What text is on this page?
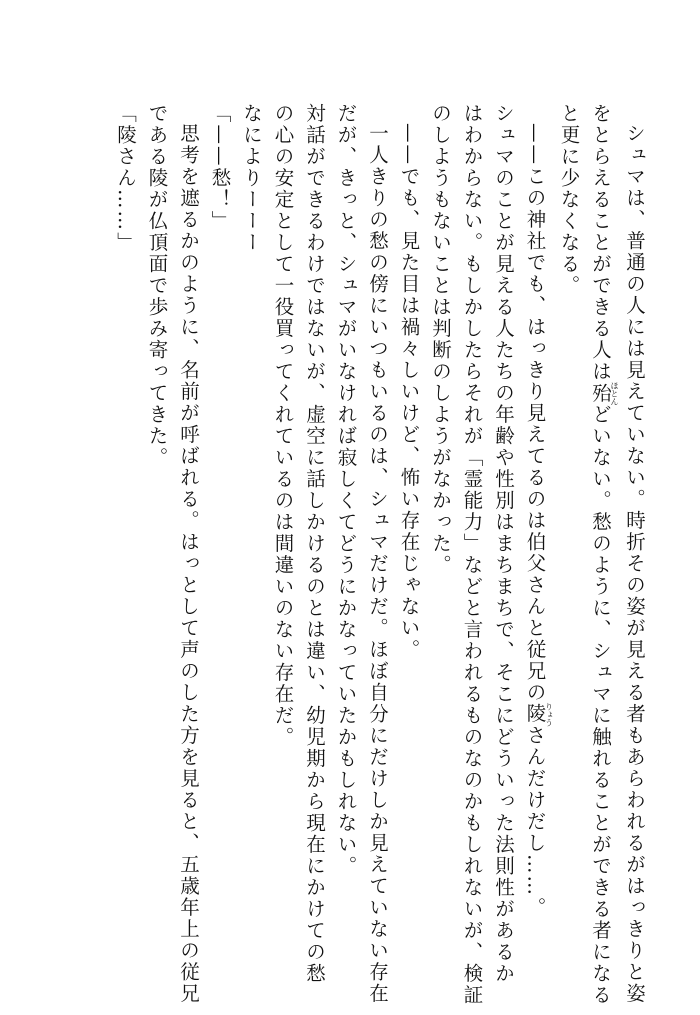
シュマは、普通の人には見えていない。時折その姿が見える者もあらわれるがはっきりと姿
をとらえることができる人は殆ほとんどいない。愁のように、シュマに触れることができる者になる
と更に少なくなる。
——この神社でも、はっきり見えてるのは伯父さんと従兄の陵りょうさんだけだし……。
シュマのことが見える人たちの年齢や性別はまちまちで、そこにどういった法則性があるか
はわからない。もしかしたらそれが「霊能力」などと言われるものなのかもしれないが、検証
のしようもないことは判断のしようがなかった。
——でも、見た目は禍々しいけど、怖い存在じゃない。
一人きりの愁の傍にいつもいるのは、シュマだけだ。ほぼ自分にだけしか見えていない存在
だが、きっと、シュマがいなければ寂しくてどうにかなっていたかもしれない。
対話ができるわけではないが、虚空に話しかけるのとは違い、幼児期から現在にかけての愁
の心の安定として一役買ってくれているのは間違いのない存在だ。
なによりーーー
「——愁！」
思考を遮るかのように、名前が呼ばれる。はっとして声のした方を見ると、五歳年上の従兄
である陵が仏頂面で歩み寄ってきた。
「陵さん……」
